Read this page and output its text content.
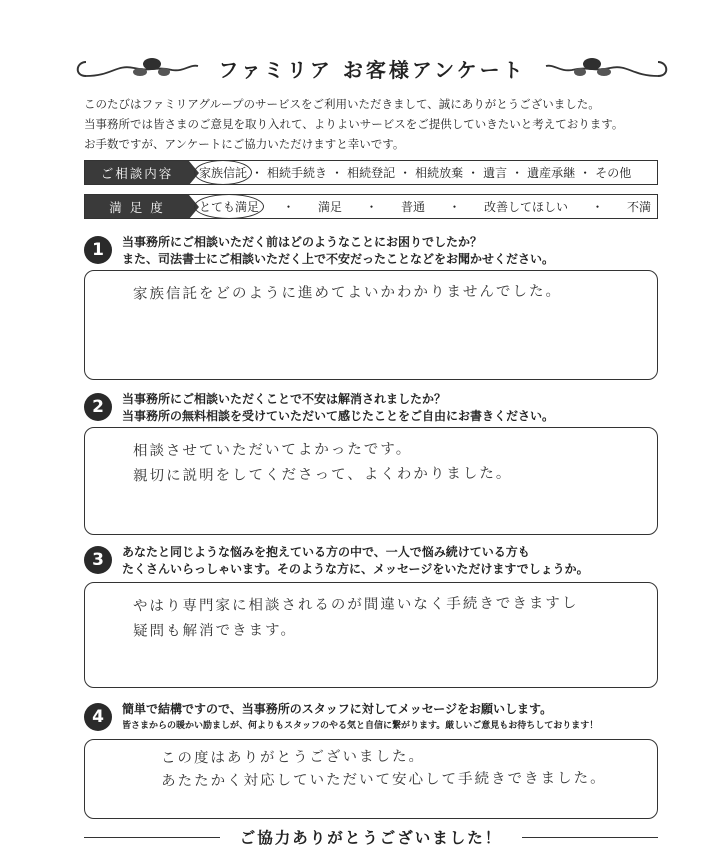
ファミリア お客様アンケート
このたびはファミリアグループのサービスをご利用いただきまして、誠にありがとうございました。
当事務所では皆さまのご意見を取り入れて、よりよいサービスをご提供していきたいと考えております。
お手数ですが、アンケートにご協力いただけますと幸いです。
ご相談内容	家族信託 ・ 相続手続き ・ 相続登記 ・ 相続放棄 ・ 遺言 ・ 遺産承継 ・ その他
満 足 度	とても満足	・	満足	・	普通	・	改善してほしい	・	不満
1	当事務所にご相談いただく前はどのようなことにお困りでしたか？
また、司法書士にご相談いただく上で不安だったことなどをお聞かせください。
家族信託をどのように進めてよいかわかりませんでした。
2	当事務所にご相談いただくことで不安は解消されましたか？
当事務所の無料相談を受けていただいて感じたことをご自由にお書きください。
相談させていただいてよかったです。
親切に説明をしてくださって、よくわかりました。
3	あなたと同じような悩みを抱えている方の中で、一人で悩み続けている方も
たくさんいらっしゃいます。そのような方に、メッセージをいただけますでしょうか。
やはり専門家に相談されるのが間違いなく手続きできますし
疑問も解消できます。
4	簡単で結構ですので、当事務所のスタッフに対してメッセージをお願いします。
皆さまからの暖かい励ましが、何よりもスタッフのやる気と自信に繋がります。厳しいご意見もお待ちしております！
この度はありがとうございました。
あたたかく対応していただいて安心して手続きできました。
ご協力ありがとうございました！
